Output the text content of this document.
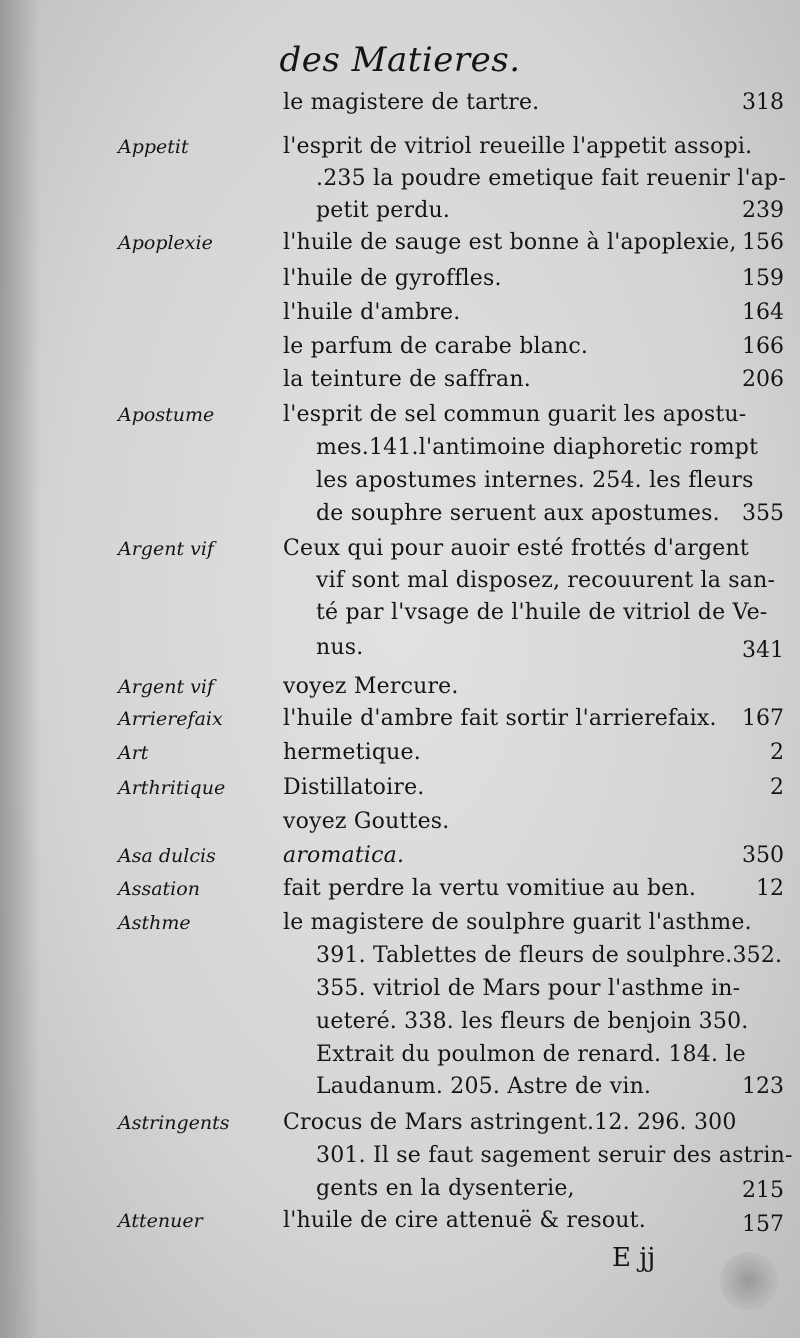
des Matieres.
le magistere de tartre.	318
Appetit	l'esprit de vitriol reueille l'appetit assopi.
.235 la poudre emetique fait reuenir l'ap-
petit perdu.	239
Apoplexie	l'huile de sauge est bonne à l'apoplexie, 156
l'huile de gyroffles.	159
l'huile d'ambre.	164
le parfum de carabe blanc.	166
la teinture de saffran.	206
Apostume	l'esprit de sel commun guarit les apostu-
mes.141.l'antimoine diaphoretic rompt
les apostumes internes. 254. les fleurs
de souphre seruent aux apostumes. 355
Argent vif	Ceux qui pour auoir esté frottés d'argent
vif sont mal disposez, recouurent la san-
té par l'vsage de l'huile de vitriol de Ve-
nus.	341
Argent vif	voyez Mercure.
Arrierefaix	l'huile d'ambre fait sortir l'arrierefaix. 167
Art	hermetique.	2
Arthritique	Distillatoire.	2
voyez Gouttes.
Asa dulcis	aromatica.	350
Assation	fait perdre la vertu vomitiue au ben.	12
Asthme	le magistere de soulphre guarit l'asthme.
391. Tablettes de fleurs de soulphre.352.
355. vitriol de Mars pour l'asthme in-
ueteré. 338. les fleurs de benjoin 350.
Extrait du poulmon de renard. 184. le
Laudanum. 205. Astre de vin.	123
Astringents	Crocus de Mars astringent.12. 296. 300
301. Il se faut sagement seruir des astrin-
gents en la dysenterie,	215
Attenuer	l'huile de cire attenuë & resout.	157
E jj
